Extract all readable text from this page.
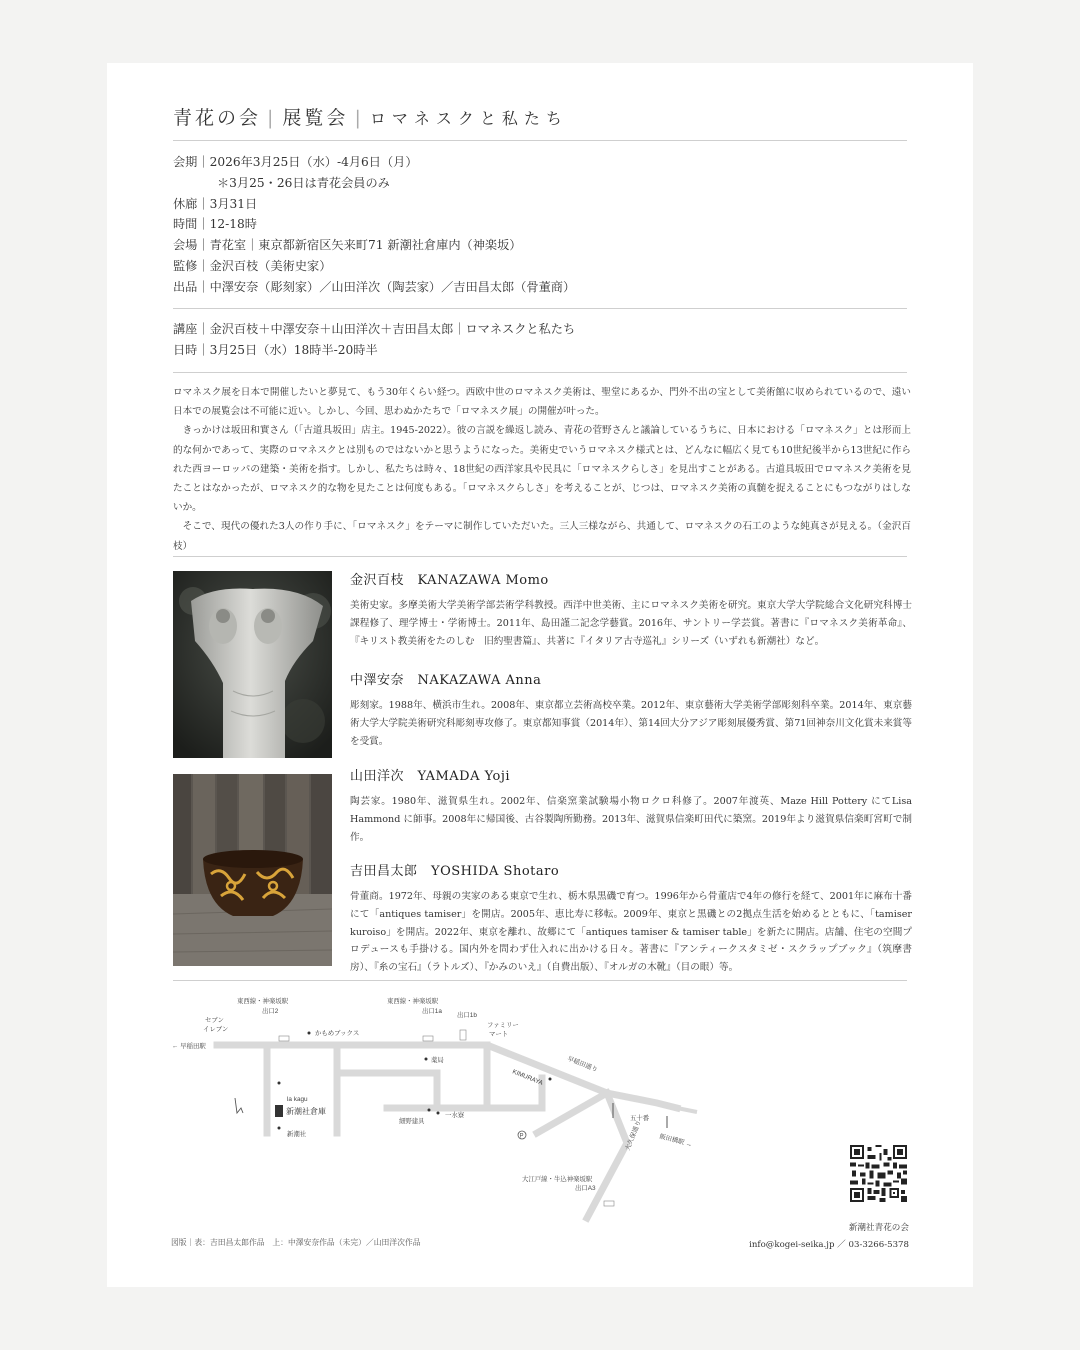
青花の会 | 展覧会 | ロマネスクと私たち
会期｜2026年3月25日（水）-4月6日（月）
＊3月25・26日は青花会員のみ
休廊｜3月31日
時間｜12-18時
会場｜青花室｜東京都新宿区矢来町71 新潮社倉庫内（神楽坂）
監修｜金沢百枝（美術史家）
出品｜中澤安奈（彫刻家）／山田洋次（陶芸家）／吉田昌太郎（骨董商）
講座｜金沢百枝＋中澤安奈＋山田洋次＋吉田昌太郎｜ロマネスクと私たち
日時｜3月25日（水）18時半-20時半

ロマネスク展を日本で開催したいと夢見て、もう30年くらい経つ。西欧中世のロマネスク美術は、聖堂にあるか、門外不出の宝として美術館に収められているので、遠い日本での展覧会は不可能に近い。しかし、今回、思わぬかたちで「ロマネスク展」の開催が叶った。

きっかけは坂田和實さん（「古道具坂田」店主。1945-2022）。彼の言説を繰返し読み、青花の菅野さんと議論しているうちに、日本における「ロマネスク」とは形而上的な何かであって、実際のロマネスクとは別ものではないかと思うようになった。美術史でいうロマネスク様式とは、どんなに幅広く見ても10世紀後半から13世紀に作られた西ヨーロッパの建築・美術を指す。しかし、私たちは時々、18世紀の西洋家具や民具に「ロマネスクらしさ」を見出すことがある。古道具坂田でロマネスク美術を見たことはなかったが、ロマネスク的な物を見たことは何度もある。「ロマネスクらしさ」を考えることが、じつは、ロマネスク美術の真髄を捉えることにもつながりはしないか。

そこで、現代の優れた3人の作り手に、「ロマネスク」をテーマに制作していただいた。三人三様ながら、共通して、ロマネスクの石工のような純真さが見える。（金沢百枝）

金沢百枝　KANAZAWA Momo

美術史家。多摩美術大学美術学部芸術学科教授。西洋中世美術、主にロマネスク美術を研究。東京大学大学院総合文化研究科博士課程修了、理学博士・学術博士。2011年、島田謹二記念学藝賞。2016年、サントリー学芸賞。著書に『ロマネスク美術革命』、『キリスト教美術をたのしむ　旧約聖書篇』、共著に『イタリア古寺巡礼』シリーズ（いずれも新潮社）など。

中澤安奈　NAKAZAWA Anna

彫刻家。1988年、横浜市生れ。2008年、東京都立芸術高校卒業。2012年、東京藝術大学美術学部彫刻科卒業。2014年、東京藝術大学大学院美術研究科彫刻専攻修了。東京都知事賞（2014年）、第14回大分アジア彫刻展優秀賞、第71回神奈川文化賞未来賞等を受賞。

山田洋次　YAMADA Yoji

陶芸家。1980年、滋賀県生れ。2002年、信楽窯業試験場小物ロクロ科修了。2007年渡英、Maze Hill Pottery にてLisa Hammond に師事。2008年に帰国後、古谷製陶所勤務。2013年、滋賀県信楽町田代に築窯。2019年より滋賀県信楽町宮町で制作。

吉田昌太郎　YOSHIDA Shotaro

骨董商。1972年、母親の実家のある東京で生れ、栃木県黒磯で育つ。1996年から骨董店で4年の修行を経て、2001年に麻布十番にて「antiques tamiser」を開店。2005年、恵比寿に移転。2009年、東京と黒磯との2拠点生活を始めるとともに、「tamiser kuroiso」を開店。2022年、東京を離れ、故郷にて「antiques tamiser & tamiser table」を新たに開店。店舗、住宅の空間プロデュースも手掛ける。国内外を問わず仕入れに出かける日々。著書に『アンティークスタミゼ・スクラップブック』（筑摩書房）、『糸の宝石』（ラトルズ）、『かみのいえ』（自費出版）、『オルガの木靴』（目の眼）等。

東西線・神楽坂駅
出口2
東西線・神楽坂駅
出口1a
出口1b
セブン
イレブン
かもめブックス
ファミリー
マート
← 早稲田駅
薬局
KIMURAYA
早稲田通り
五十番
飯田橋駅 →
la kagu
新潮社
細野建具
一水寮
大久保通り
大江戸線・牛込神楽坂駅
出口A3
新潮社倉庫
P
新潮社青花の会
info@kogei-seika.jp ／ 03-3266-5378
図版｜表：吉田昌太郎作品　上：中澤安奈作品（未完）／山田洋次作品
